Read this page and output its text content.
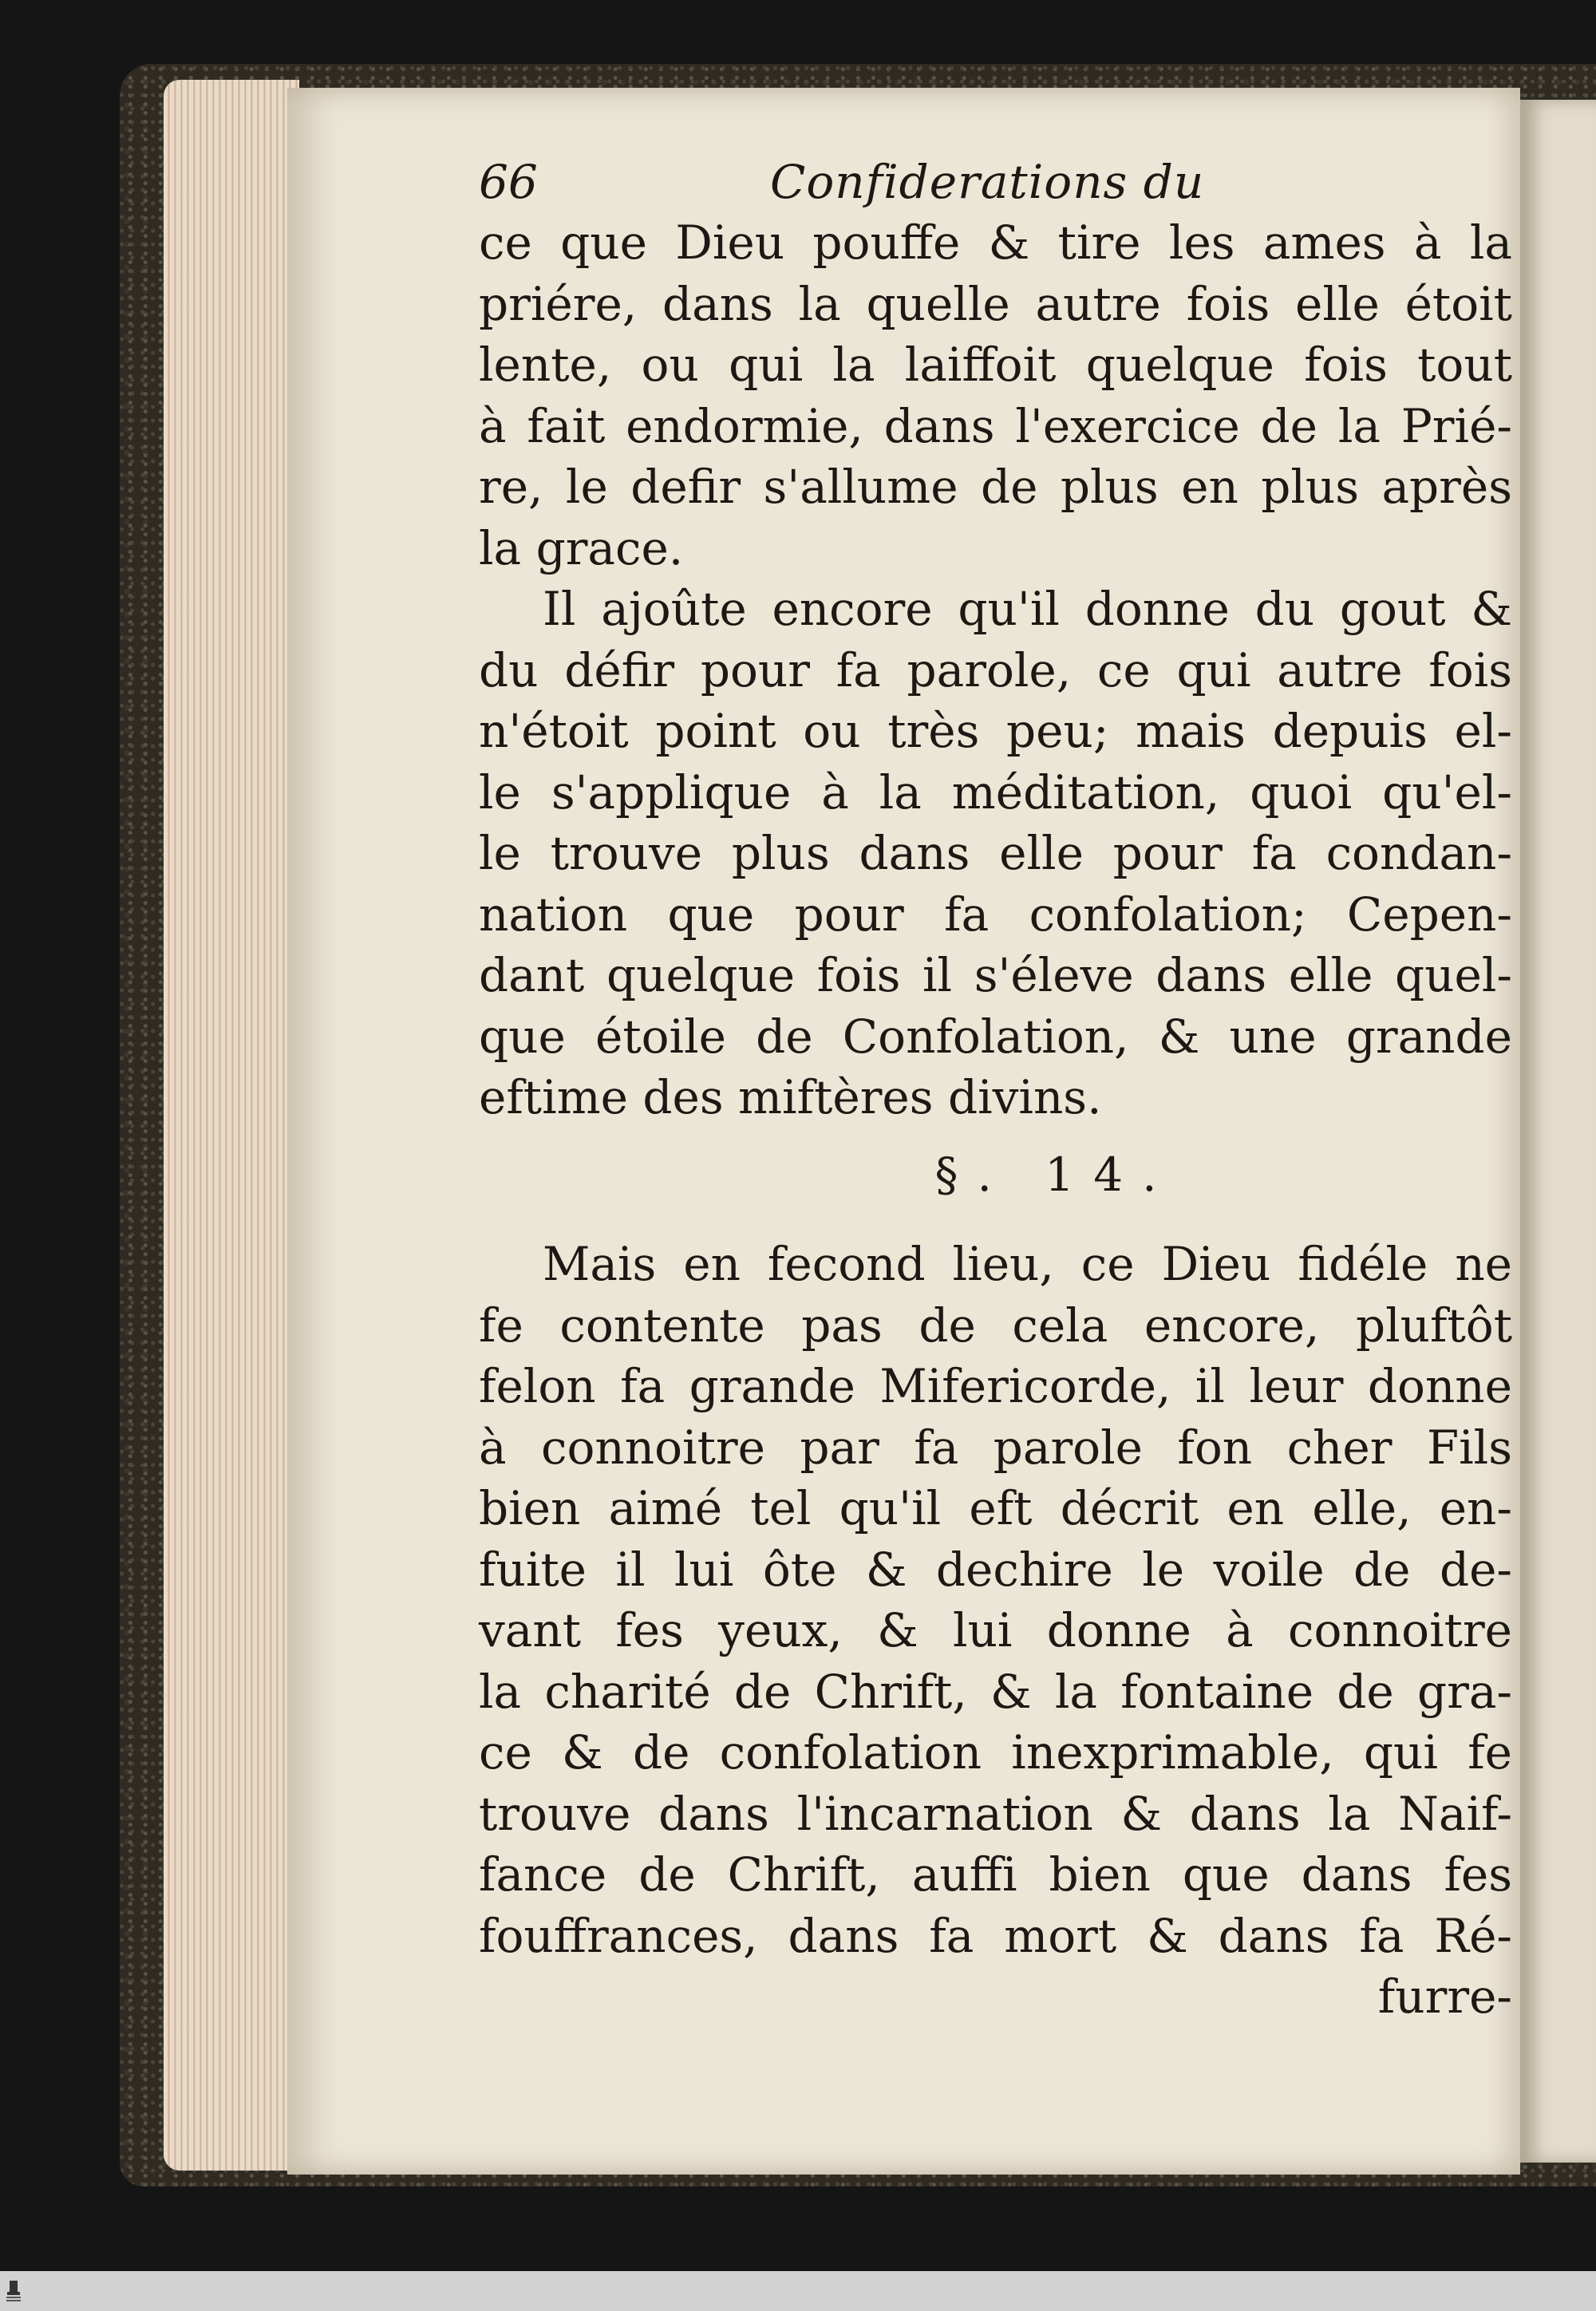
66	Confiderations du
ce que Dieu pouffe & tire les ames à la
priére, dans la quelle autre fois elle étoit
lente, ou qui la laiffoit quelque fois tout
à fait endormie, dans l'exercice de la Prié-
re, le defir s'allume de plus en plus après
la grace.
Il ajoûte encore qu'il donne du gout &
du défir pour fa parole, ce qui autre fois
n'étoit point ou très peu; mais depuis el-
le s'applique à la méditation, quoi qu'el-
le trouve plus dans elle pour fa condan-
nation que pour fa confolation; Cepen-
dant quelque fois il s'éleve dans elle quel-
que étoile de Confolation, & une grande
eftime des miftères divins.
§. 14.
Mais en fecond lieu, ce Dieu fidéle ne
fe contente pas de cela encore, pluftôt
felon fa grande Mifericorde, il leur donne
à connoitre par fa parole fon cher Fils
bien aimé tel qu'il eft décrit en elle, en-
fuite il lui ôte & dechire le voile de de-
vant fes yeux, & lui donne à connoitre
la charité de Chrift, & la fontaine de gra-
ce & de confolation inexprimable, qui fe
trouve dans l'incarnation & dans la Naif-
fance de Chrift, auffi bien que dans fes
fouffrances, dans fa mort & dans fa Ré-
furre-
